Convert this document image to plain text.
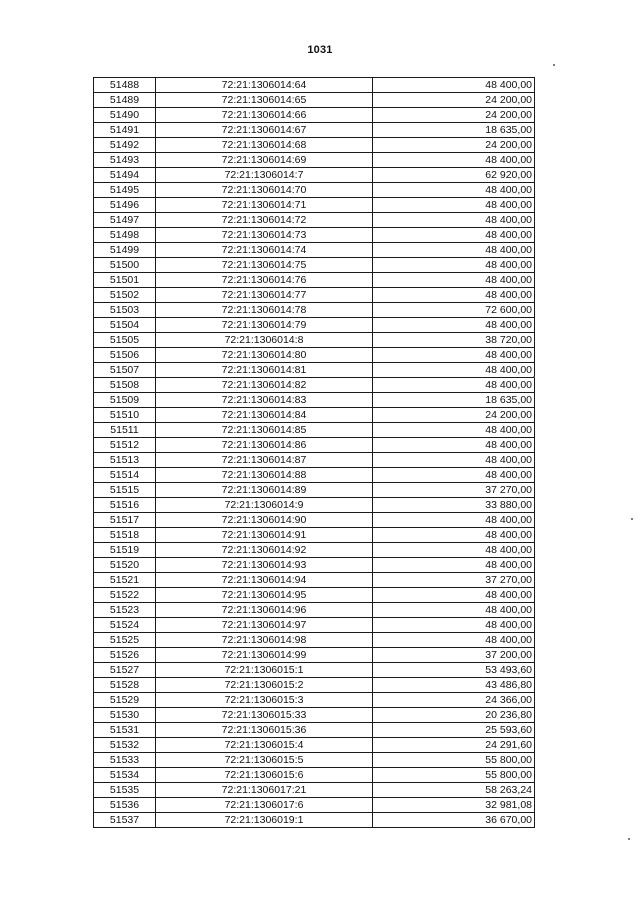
1031
51488	72:21:1306014:64	48 400,00
51489	72:21:1306014:65	24 200,00
51490	72:21:1306014:66	24 200,00
51491	72:21:1306014:67	18 635,00
51492	72:21:1306014:68	24 200,00
51493	72:21:1306014:69	48 400,00
51494	72:21:1306014:7	62 920,00
51495	72:21:1306014:70	48 400,00
51496	72:21:1306014:71	48 400,00
51497	72:21:1306014:72	48 400,00
51498	72:21:1306014:73	48 400,00
51499	72:21:1306014:74	48 400,00
51500	72:21:1306014:75	48 400,00
51501	72:21:1306014:76	48 400,00
51502	72:21:1306014:77	48 400,00
51503	72:21:1306014:78	72 600,00
51504	72:21:1306014:79	48 400,00
51505	72:21:1306014:8	38 720,00
51506	72:21:1306014:80	48 400,00
51507	72:21:1306014:81	48 400,00
51508	72:21:1306014:82	48 400,00
51509	72:21:1306014:83	18 635,00
51510	72:21:1306014:84	24 200,00
51511	72:21:1306014:85	48 400,00
51512	72:21:1306014:86	48 400,00
51513	72:21:1306014:87	48 400,00
51514	72:21:1306014:88	48 400,00
51515	72:21:1306014:89	37 270,00
51516	72:21:1306014:9	33 880,00
51517	72:21:1306014:90	48 400,00
51518	72:21:1306014:91	48 400,00
51519	72:21:1306014:92	48 400,00
51520	72:21:1306014:93	48 400,00
51521	72:21:1306014:94	37 270,00
51522	72:21:1306014:95	48 400,00
51523	72:21:1306014:96	48 400,00
51524	72:21:1306014:97	48 400,00
51525	72:21:1306014:98	48 400,00
51526	72:21:1306014:99	37 200,00
51527	72:21:1306015:1	53 493,60
51528	72:21:1306015:2	43 486,80
51529	72:21:1306015:3	24 366,00
51530	72:21:1306015:33	20 236,80
51531	72:21:1306015:36	25 593,60
51532	72:21:1306015:4	24 291,60
51533	72:21:1306015:5	55 800,00
51534	72:21:1306015:6	55 800,00
51535	72:21:1306017:21	58 263,24
51536	72:21:1306017:6	32 981,08
51537	72:21:1306019:1	36 670,00
